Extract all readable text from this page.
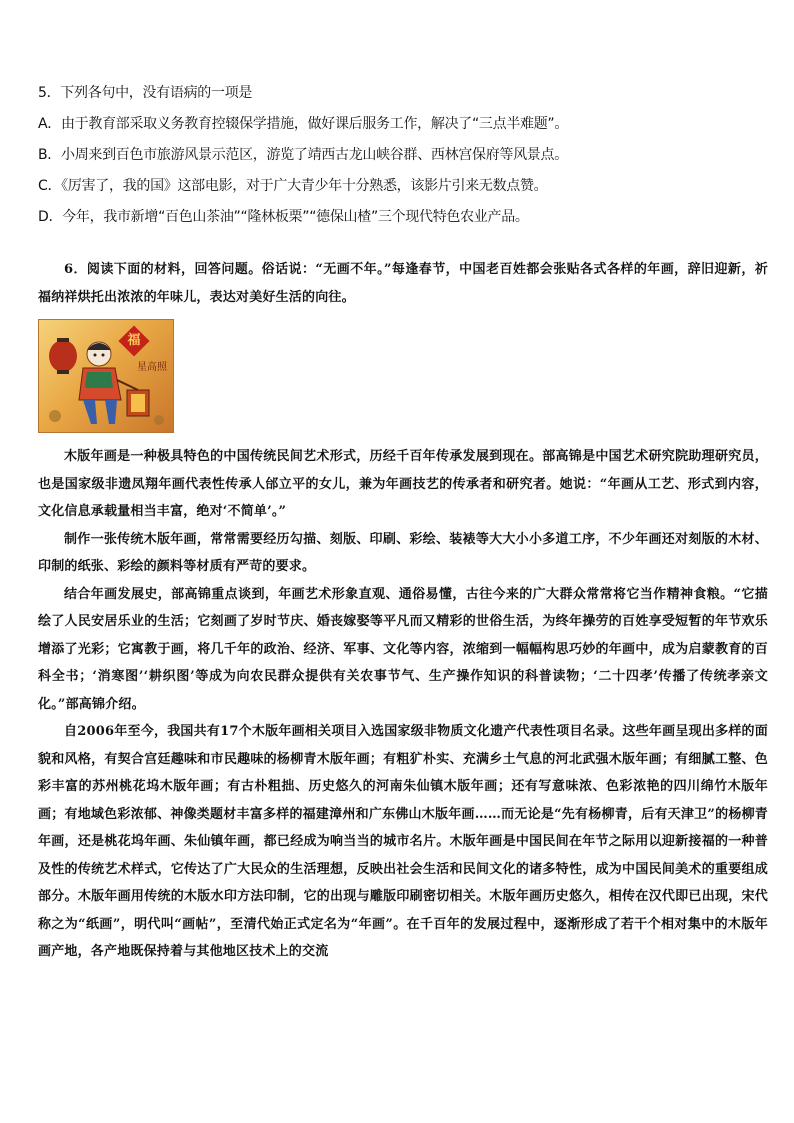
5．下列各句中，没有语病的一项是
A．由于教育部采取义务教育控辍保学措施，做好课后服务工作，解决了“三点半难题”。
B．小周来到百色市旅游风景示范区，游览了靖西古龙山峡谷群、西林宫保府等风景点。
C．《厉害了，我的国》这部电影，对于广大青少年十分熟悉，该影片引来无数点赞。
D．今年，我市新增“百色山茶油”“隆林板栗”“德保山楂”三个现代特色农业产品。

6．阅读下面的材料，回答问题。俗话说：“无画不年。”每逢春节，中国老百姓都会张贴各式各样的年画，辞旧迎新，祈福纳祥烘托出浓浓的年味儿，表达对美好生活的向往。

福
星高照

木版年画是一种极具特色的中国传统民间艺术形式，历经千百年传承发展到现在。部高锦是中国艺术研究院助理研究员，也是国家级非遗凤翔年画代表性传承人邰立平的女儿，兼为年画技艺的传承者和研究者。她说：“年画从工艺、形式到内容，文化信息承载量相当丰富，绝对‘不简单’。”

制作一张传统木版年画，常常需要经历勾描、刻版、印刷、彩绘、装裱等大大小小多道工序，不少年画还对刻版的木材、印制的纸张、彩绘的颜料等材质有严苛的要求。

结合年画发展史，部高锦重点谈到，年画艺术形象直观、通俗易懂，古往今来的广大群众常常将它当作精神食粮。“它描绘了人民安居乐业的生活；它刻画了岁时节庆、婚丧嫁娶等平凡而又精彩的世俗生活，为终年操劳的百姓享受短暂的年节欢乐增添了光彩；它寓教于画，将几千年的政治、经济、军事、文化等内容，浓缩到一幅幅构思巧妙的年画中，成为启蒙教育的百科全书；‘消寒图’‘耕织图’等成为向农民群众提供有关农事节气、生产操作知识的科普读物；‘二十四孝’传播了传统孝亲文化。”部高锦介绍。

自2006年至今，我国共有17个木版年画相关项目入选国家级非物质文化遗产代表性项目名录。这些年画呈现出多样的面貌和风格，有契合宫廷趣味和市民趣味的杨柳青木版年画；有粗犷朴实、充满乡土气息的河北武强木版年画；有细腻工整、色彩丰富的苏州桃花坞木版年画；有古朴粗拙、历史悠久的河南朱仙镇木版年画；还有写意味浓、色彩浓艳的四川绵竹木版年画；有地域色彩浓郁、神像类题材丰富多样的福建漳州和广东佛山木版年画……而无论是“先有杨柳青，后有天津卫”的杨柳青年画，还是桃花坞年画、朱仙镇年画，都已经成为响当当的城市名片。木版年画是中国民间在年节之际用以迎新接福的一种普及性的传统艺术样式，它传达了广大民众的生活理想，反映出社会生活和民间文化的诸多特性，成为中国民间美术的重要组成部分。木版年画用传统的木版水印方法印制，它的出现与雕版印刷密切相关。木版年画历史悠久，相传在汉代即已出现，宋代称之为“纸画”，明代叫“画帖”，至清代始正式定名为“年画”。在千百年的发展过程中，逐渐形成了若干个相对集中的木版年画产地，各产地既保持着与其他地区技术上的交流
